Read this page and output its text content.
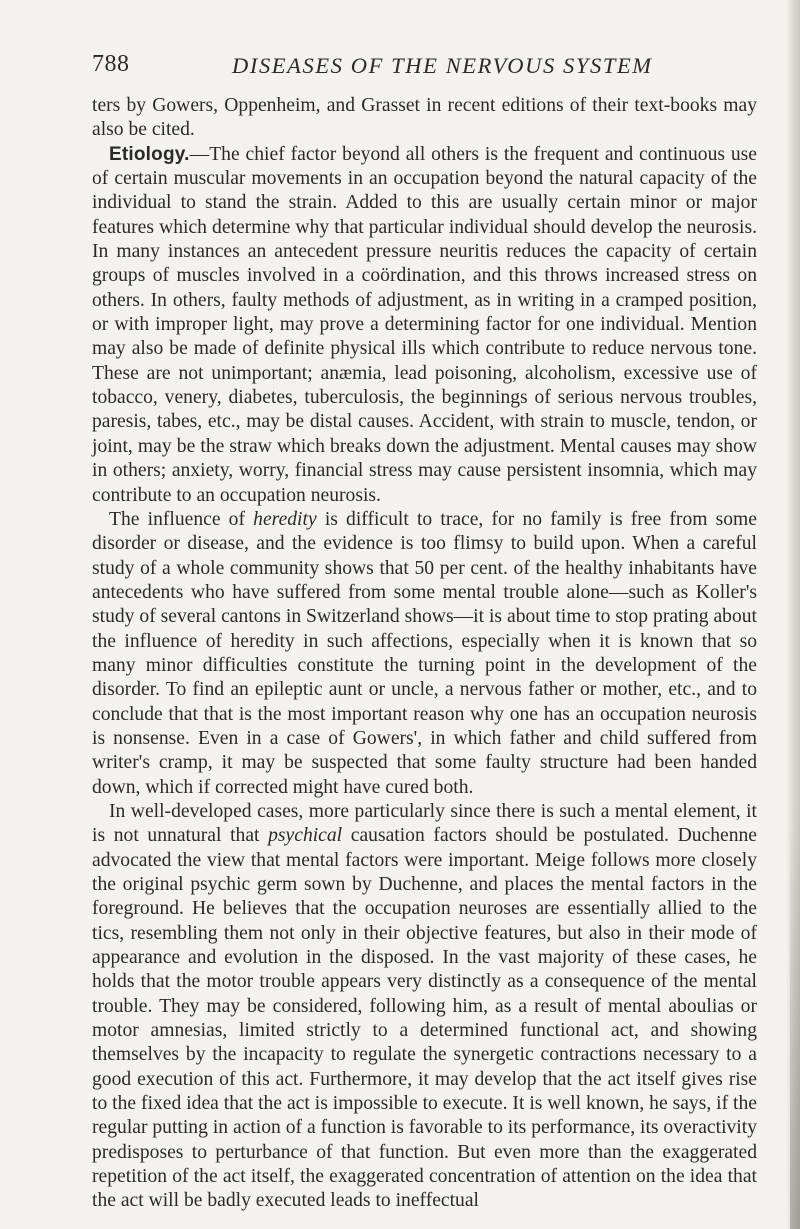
788	DISEASES OF THE NERVOUS SYSTEM

ters by Gowers, Oppenheim, and Grasset in recent editions of their text-books may also be cited.

Etiology.—The chief factor beyond all others is the frequent and continuous use of certain muscular movements in an occupation beyond the natural capacity of the individual to stand the strain. Added to this are usually certain minor or major features which determine why that particular individual should develop the neurosis. In many instances an antecedent pressure neuritis reduces the capacity of certain groups of muscles involved in a coördination, and this throws increased stress on others. In others, faulty methods of adjustment, as in writing in a cramped position, or with improper light, may prove a determining factor for one individual. Mention may also be made of definite physical ills which contribute to reduce nervous tone. These are not unimportant; anæmia, lead poisoning, alcoholism, excessive use of tobacco, venery, diabetes, tuberculosis, the beginnings of serious nervous troubles, paresis, tabes, etc., may be distal causes. Accident, with strain to muscle, tendon, or joint, may be the straw which breaks down the adjustment. Mental causes may show in others; anxiety, worry, financial stress may cause persistent insomnia, which may contribute to an occupation neurosis.

The influence of heredity is difficult to trace, for no family is free from some disorder or disease, and the evidence is too flimsy to build upon. When a careful study of a whole community shows that 50 per cent. of the healthy inhabitants have antecedents who have suffered from some mental trouble alone—such as Koller's study of several cantons in Switzerland shows—it is about time to stop prating about the influence of heredity in such affections, especially when it is known that so many minor difficulties constitute the turning point in the development of the disorder. To find an epileptic aunt or uncle, a nervous father or mother, etc., and to conclude that that is the most important reason why one has an occupation neurosis is nonsense. Even in a case of Gowers', in which father and child suffered from writer's cramp, it may be suspected that some faulty structure had been handed down, which if corrected might have cured both.

In well-developed cases, more particularly since there is such a mental element, it is not unnatural that psychical causation factors should be postulated. Duchenne advocated the view that mental factors were important. Meige follows more closely the original psychic germ sown by Duchenne, and places the mental factors in the foreground. He believes that the occupation neuroses are essentially allied to the tics, resembling them not only in their objective features, but also in their mode of appearance and evolution in the disposed. In the vast majority of these cases, he holds that the motor trouble appears very distinctly as a consequence of the mental trouble. They may be considered, following him, as a result of mental aboulias or motor amnesias, limited strictly to a determined functional act, and showing themselves by the incapacity to regulate the synergetic contractions necessary to a good execution of this act. Furthermore, it may develop that the act itself gives rise to the fixed idea that the act is impossible to execute. It is well known, he says, if the regular putting in action of a function is favorable to its performance, its overactivity predisposes to perturbance of that function. But even more than the exaggerated repetition of the act itself, the exaggerated concentration of attention on the idea that the act will be badly executed leads to ineffectual
